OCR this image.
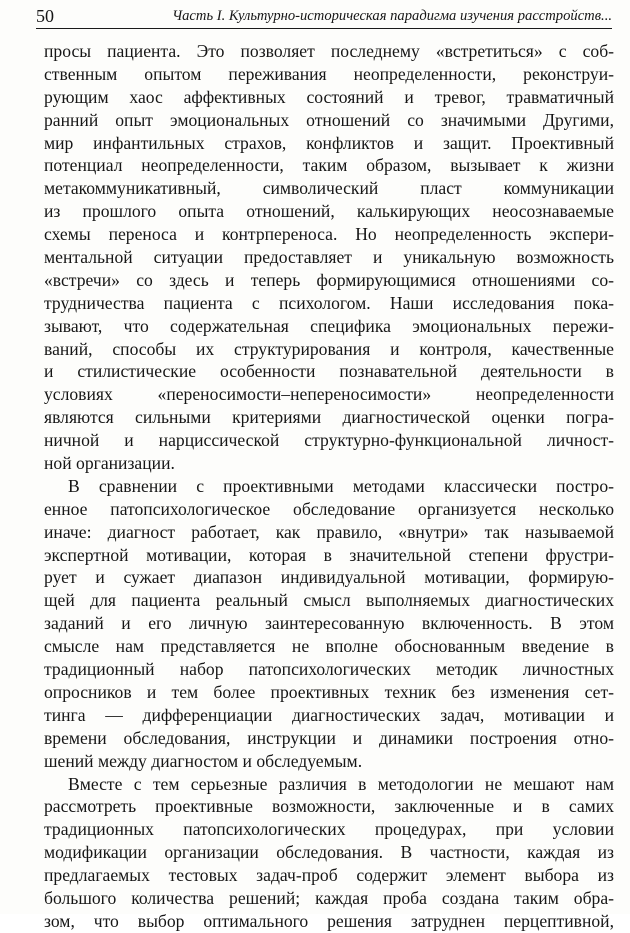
50	Часть I. Культурно-историческая парадигма изучения расстройств...
просы пациента. Это позволяет последнему «встретиться» с соб-
ственным опытом переживания неопределенности, реконструи-
рующим хаос аффективных состояний и тревог, травматичный
ранний опыт эмоциональных отношений со значимыми Другими,
мир инфантильных страхов, конфликтов и защит. Проективный
потенциал неопределенности, таким образом, вызывает к жизни
метакоммуникативный, символический пласт коммуникации
из прошлого опыта отношений, калькирующих неосознаваемые
схемы переноса и контрпереноса. Но неопределенность экспери-
ментальной ситуации предоставляет и уникальную возможность
«встречи» со здесь и теперь формирующимися отношениями со-
трудничества пациента с психологом. Наши исследования пока-
зывают, что содержательная специфика эмоциональных пережи-
ваний, способы их структурирования и контроля, качественные
и стилистические особенности познавательной деятельности в
условиях «переносимости–непереносимости» неопределенности
являются сильными критериями диагностической оценки погра-
ничной и нарциссической структурно-функциональной личност-
ной организации.
В сравнении с проективными методами классически постро-
енное патопсихологическое обследование организуется несколько
иначе: диагност работает, как правило, «внутри» так называемой
экспертной мотивации, которая в значительной степени фрустри-
рует и сужает диапазон индивидуальной мотивации, формирую-
щей для пациента реальный смысл выполняемых диагностических
заданий и его личную заинтересованную включенность. В этом
смысле нам представляется не вполне обоснованным введение в
традиционный набор патопсихологических методик личностных
опросников и тем более проективных техник без изменения сет-
тинга — дифференциации диагностических задач, мотивации и
времени обследования, инструкции и динамики построения отно-
шений между диагностом и обследуемым.
Вместе с тем серьезные различия в методологии не мешают нам
рассмотреть проективные возможности, заключенные и в самих
традиционных патопсихологических процедурах, при условии
модификации организации обследования. В частности, каждая из
предлагаемых тестовых задач-проб содержит элемент выбора из
большого количества решений; каждая проба создана таким обра-
зом, что выбор оптимального решения затруднен перцептивной,
